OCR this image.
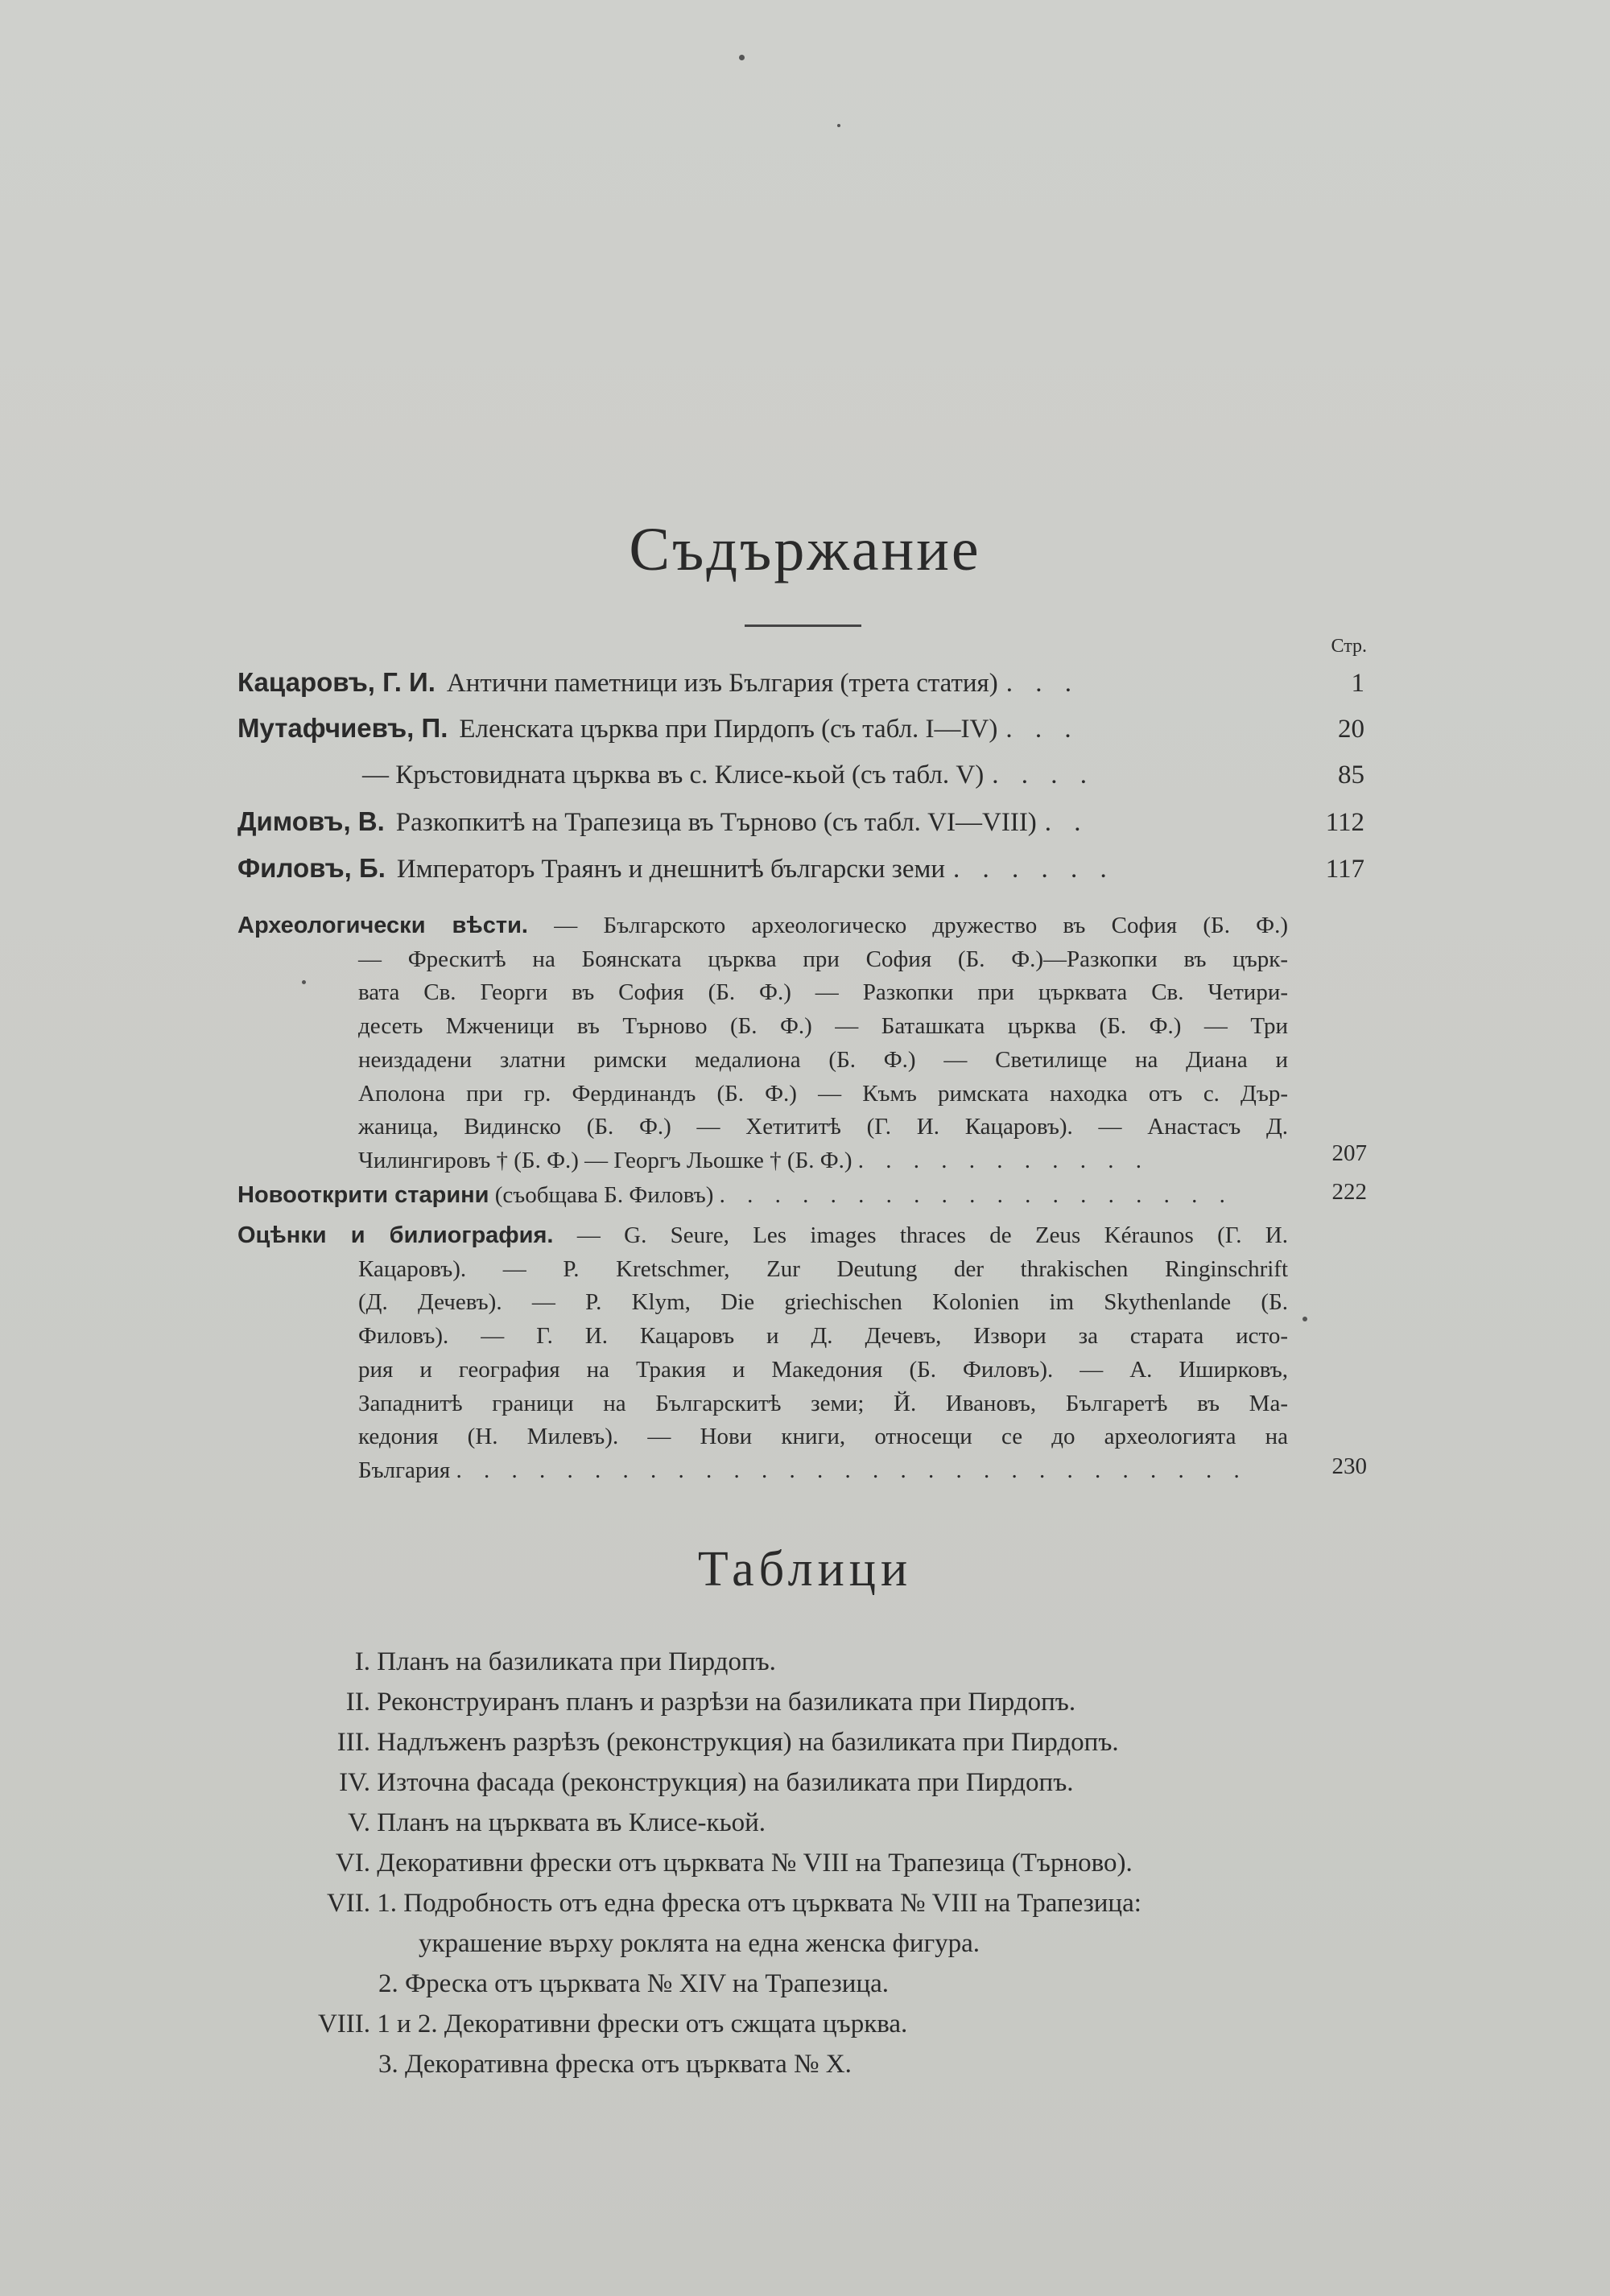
Съдържание
Стр.
Кацаровъ, Г. И. Антични паметници изъ България (трета статия) . . .	1
Мутафчиевъ, П. Еленската църква при Пирдопъ (съ табл. I—IV) . . .	20
— Кръстовидната църква въ с. Клисе-кьой (съ табл. V) . . . .	85
Димовъ, В. Разкопкитѣ на Трапезица въ Търново (съ табл. VI—VIII) . .	112
Филовъ, Б. Императоръ Траянъ и днешнитѣ български земи . . . . . .	117
Археологически вѣсти. — Българското археологическо дружество въ София (Б. Ф.)
— Фрескитѣ на Боянската църква при София (Б. Ф.)—Разкопки въ църк-
вата Св. Георги въ София (Б. Ф.) — Разкопки при църквата Св. Четири-
десеть Мжченици въ Търново (Б. Ф.) — Баташката църква (Б. Ф.) — Три
неиздадени златни римски медалиона (Б. Ф.) — Светилище на Диана и
Аполона при гр. Фердинандъ (Б. Ф.) — Къмъ римската находка отъ с. Дър-
жаница, Видинско (Б. Ф.) — Хетититѣ (Г. И. Кацаровъ). — Анастасъ Д.
Чилингировъ † (Б. Ф.) — Георгъ Льошке † (Б. Ф.) . . . . . . . . . . .	207
Новооткрити старини (съобщава Б. Филовъ) . . . . . . . . . . . . . . . . . . .	222
Оцѣнки и билиография. — G. Seure, Les images thraces de Zeus Kéraunos (Г. И.
Кацаровъ). — P. Kretschmer, Zur Deutung der thrakischen Ringinschrift
(Д. Дечевъ). — P. Klym, Die griechischen Kolonien im Skythenlande (Б.
Филовъ). — Г. И. Кацаровъ и Д. Дечевъ, Извори за старата исто-
рия и география на Тракия и Македония (Б. Филовъ). — А. Иширковъ,
Западнитѣ граници на Българскитѣ земи; Й. Ивановъ, Българетѣ въ Ма-
кедония (Н. Милевъ). — Нови книги, относещи се до археологията на
България . . . . . . . . . . . . . . . . . . . . . . . . . . . . .	230
Таблици
I. Планъ на базиликата при Пирдопъ.
II. Реконструиранъ планъ и разрѣзи на базиликата при Пирдопъ.
III. Надлъженъ разрѣзъ (реконструкция) на базиликата при Пирдопъ.
IV. Източна фасада (реконструкция) на базиликата при Пирдопъ.
V. Планъ на църквата въ Клисе-кьой.
VI. Декоративни фрески отъ църквата № VIII на Трапезица (Търново).
VII. 1. Подробность отъ една фреска отъ църквата № VIII на Трапезица:
украшение върху роклята на една женска фигура.
2. Фреска отъ църквата № XIV на Трапезица.
VIII. 1 и 2. Декоративни фрески отъ сжщата църква.
3. Декоративна фреска отъ църквата № X.
